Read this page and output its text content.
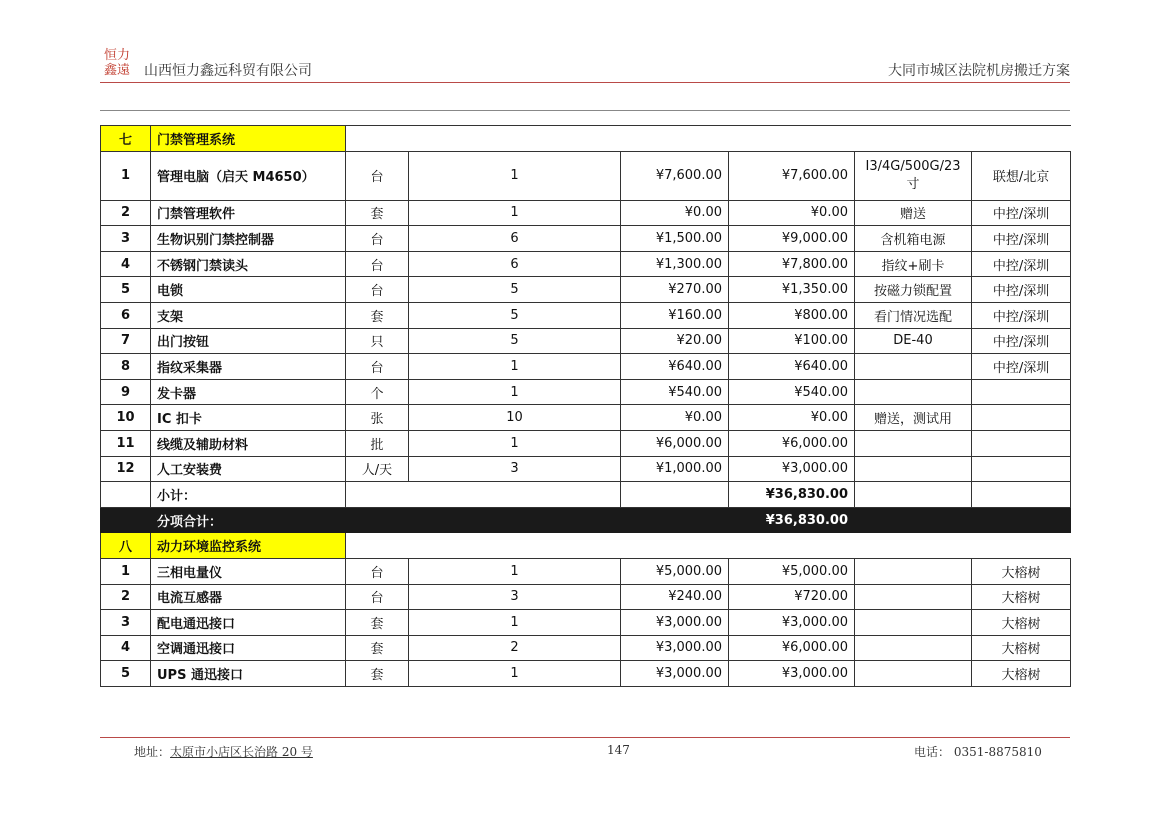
恒力
鑫遠 山西恒力鑫远科贸有限公司	大同市城区法院机房搬迁方案
七	门禁管理系统						
1	管理电脑（启天 M4650）	台	1	¥7,600.00	¥7,600.00	I3/4G/500G/23寸	联想/北京
2	门禁管理软件	套	1	¥0.00	¥0.00	赠送	中控/深圳
3	生物识别门禁控制器	台	6	¥1,500.00	¥9,000.00	含机箱电源	中控/深圳
4	不锈钢门禁读头	台	6	¥1,300.00	¥7,800.00	指纹+刷卡	中控/深圳
5	电锁	台	5	¥270.00	¥1,350.00	按磁力锁配置	中控/深圳
6	支架	套	5	¥160.00	¥800.00	看门情况选配	中控/深圳
7	出门按钮	只	5	¥20.00	¥100.00	DE-40	中控/深圳
8	指纹采集器	台	1	¥640.00	¥640.00		中控/深圳
9	发卡器	个	1	¥540.00	¥540.00		
10	IC 扣卡	张	10	¥0.00	¥0.00	赠送，测试用	
11	线缆及辅助材料	批	1	¥6,000.00	¥6,000.00		
12	人工安装费	人/天	3	¥1,000.00	¥3,000.00		
	小计：				¥36,830.00		
	分项合计：				¥36,830.00		
八	动力环境监控系统						
1	三相电量仪	台	1	¥5,000.00	¥5,000.00		大榕树
2	电流互感器	台	3	¥240.00	¥720.00		大榕树
3	配电通迅接口	套	1	¥3,000.00	¥3,000.00		大榕树
4	空调通迅接口	套	2	¥3,000.00	¥6,000.00		大榕树
5	UPS 通迅接口	套	1	¥3,000.00	¥3,000.00		大榕树
地址：太原市小店区长治路 20 号	147	电话： 0351-8875810
